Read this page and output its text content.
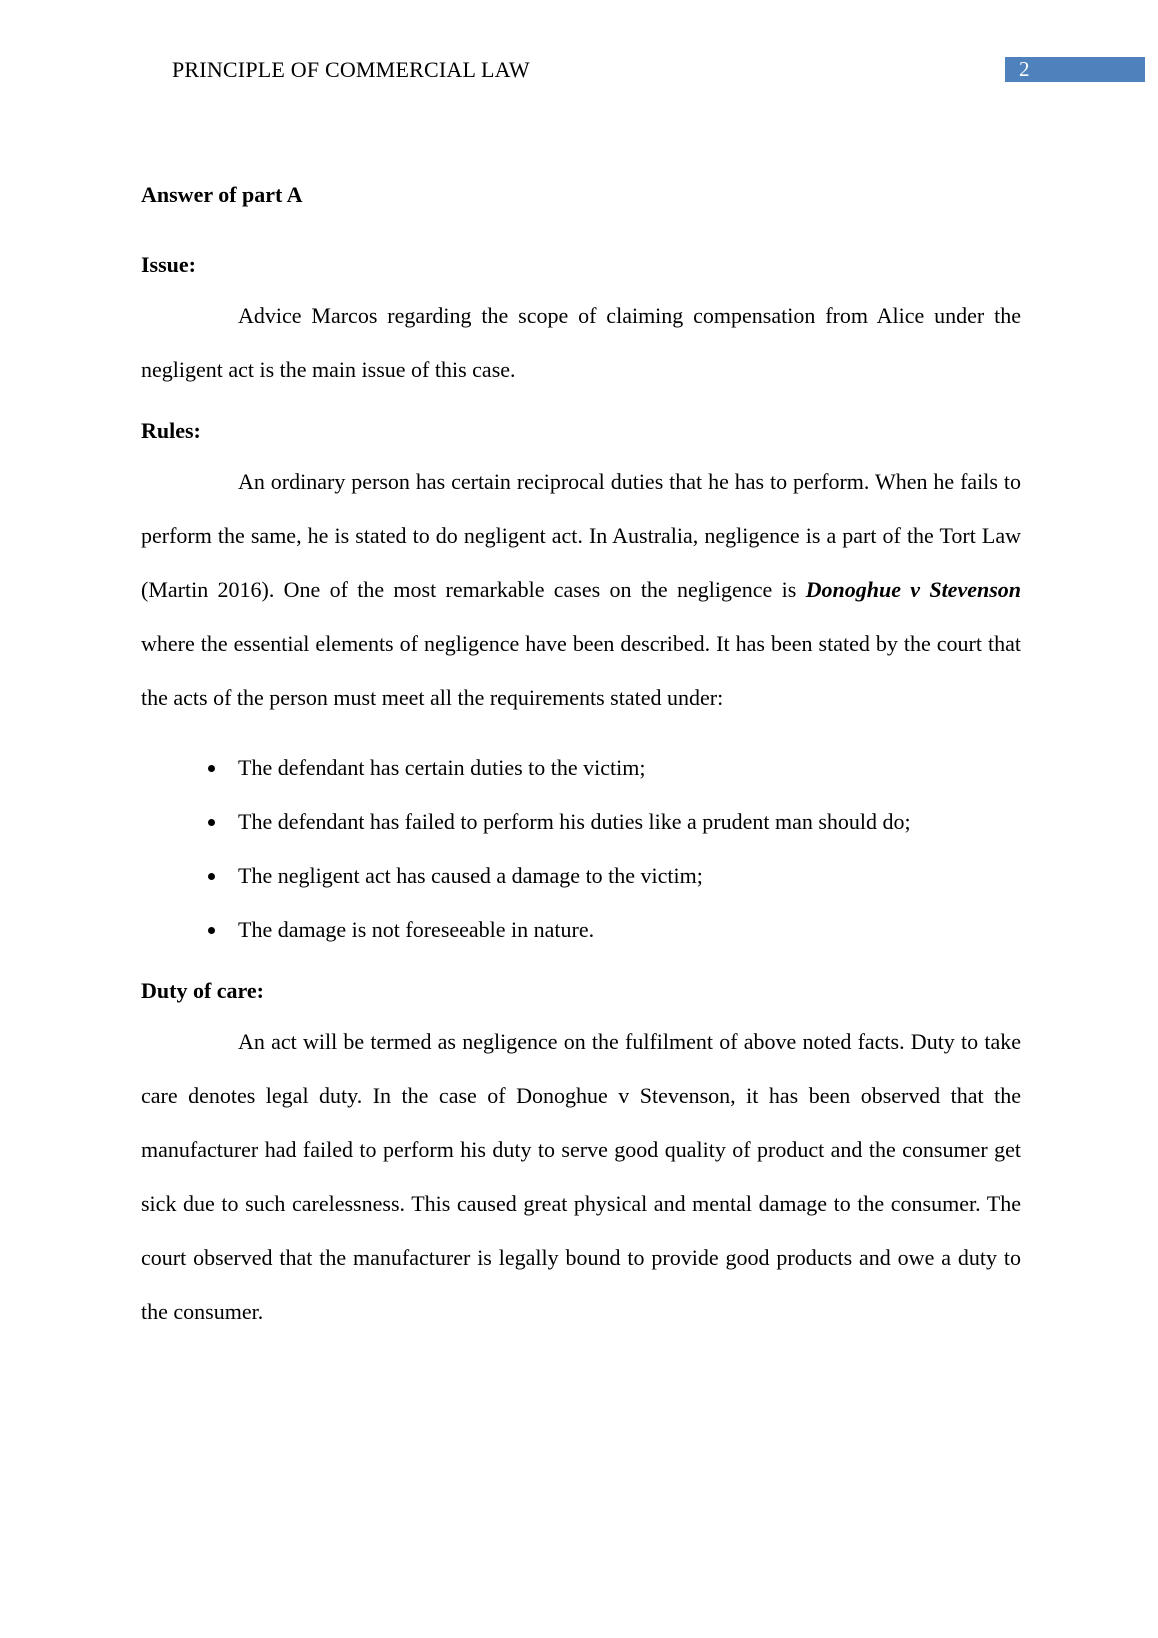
PRINCIPLE OF COMMERCIAL LAW	2

Answer of part A

Issue:

Advice Marcos regarding the scope of claiming compensation from Alice under the negligent act is the main issue of this case.

Rules:

An ordinary person has certain reciprocal duties that he has to perform. When he fails to perform the same, he is stated to do negligent act. In Australia, negligence is a part of the Tort Law (Martin 2016). One of the most remarkable cases on the negligence is Donoghue v Stevenson where the essential elements of negligence have been described. It has been stated by the court that the acts of the person must meet all the requirements stated under:

The defendant has certain duties to the victim;
The defendant has failed to perform his duties like a prudent man should do;
The negligent act has caused a damage to the victim;
The damage is not foreseeable in nature.

Duty of care:

An act will be termed as negligence on the fulfilment of above noted facts. Duty to take care denotes legal duty. In the case of Donoghue v Stevenson, it has been observed that the manufacturer had failed to perform his duty to serve good quality of product and the consumer get sick due to such carelessness. This caused great physical and mental damage to the consumer. The court observed that the manufacturer is legally bound to provide good products and owe a duty to the consumer.
